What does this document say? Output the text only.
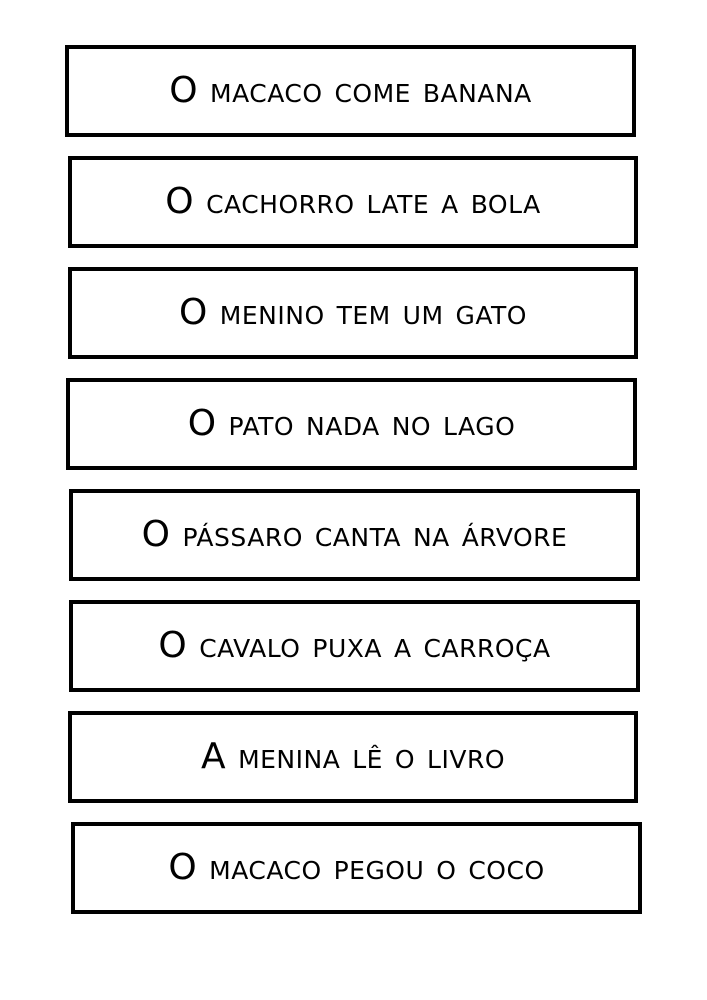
O macaco come banana
O cachorro late a bola
O menino tem um gato
O pato nada no lago
O pássaro canta na árvore
O cavalo puxa a carroça
A menina lê o livro
O macaco pegou o coco
